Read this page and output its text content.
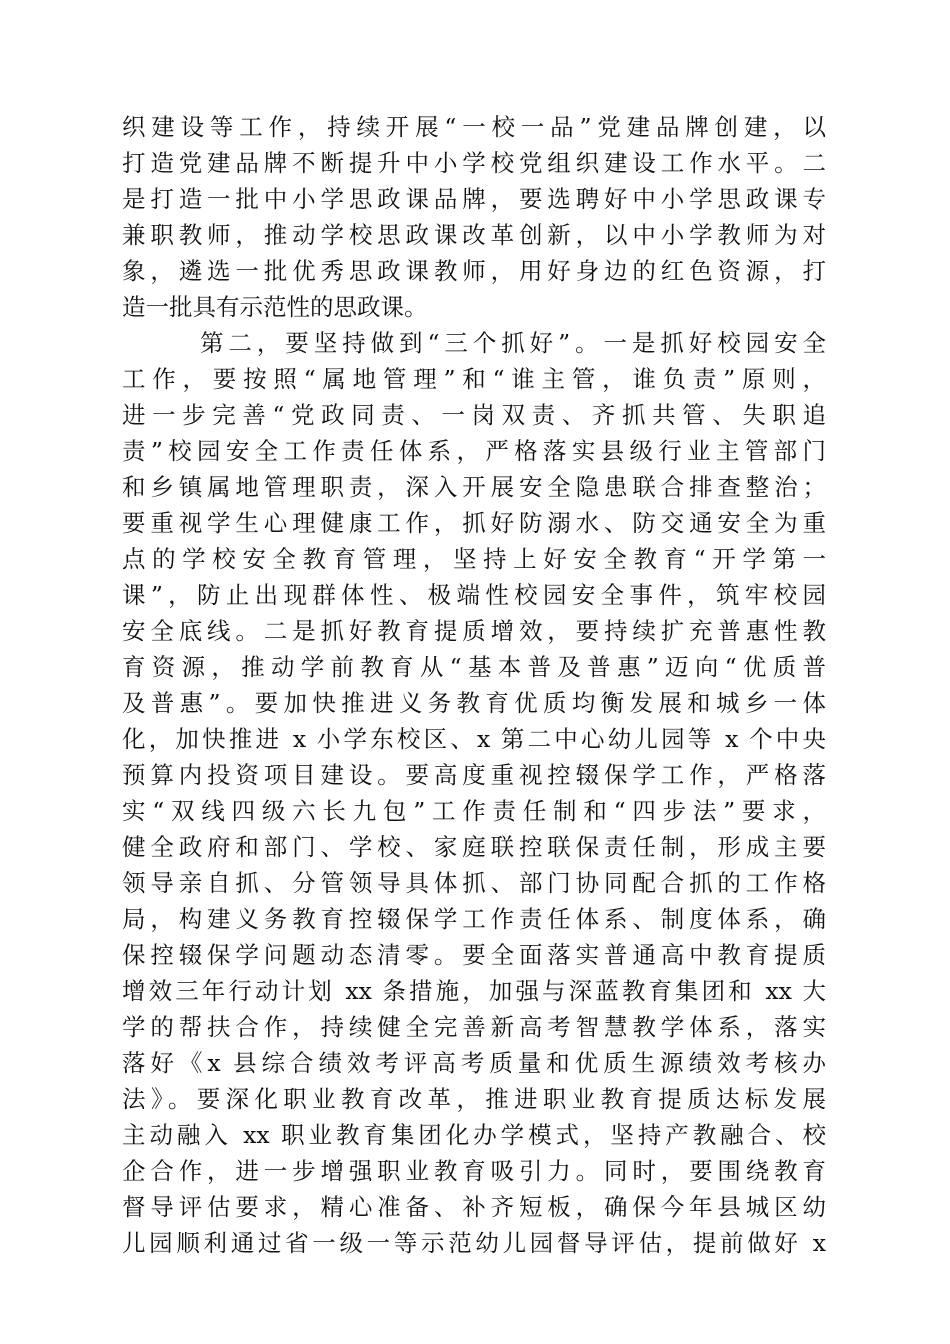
织建设等工作，持续开展“一校一品”党建品牌创建，以
打造党建品牌不断提升中小学校党组织建设工作水平。二
是打造一批中小学思政课品牌，要选聘好中小学思政课专
兼职教师，推动学校思政课改革创新，以中小学教师为对
象，遴选一批优秀思政课教师，用好身边的红色资源，打
造一批具有示范性的思政课。
第二，要坚持做到“三个抓好”。一是抓好校园安全
工作，要按照“属地管理”和“谁主管，谁负责”原则，
进一步完善“党政同责、一岗双责、齐抓共管、失职追
责”校园安全工作责任体系，严格落实县级行业主管部门
和乡镇属地管理职责，深入开展安全隐患联合排查整治；
要重视学生心理健康工作，抓好防溺水、防交通安全为重
点的学校安全教育管理，坚持上好安全教育“开学第一
课”，防止出现群体性、极端性校园安全事件，筑牢校园
安全底线。二是抓好教育提质增效，要持续扩充普惠性教
育资源，推动学前教育从“基本普及普惠”迈向“优质普
及普惠”。要加快推进义务教育优质均衡发展和城乡一体
化，加快推进 x 小学东校区、x 第二中心幼儿园等 x 个中央
预算内投资项目建设。要高度重视控辍保学工作，严格落
实“双线四级六长九包”工作责任制和“四步法”要求，
健全政府和部门、学校、家庭联控联保责任制，形成主要
领导亲自抓、分管领导具体抓、部门协同配合抓的工作格
局，构建义务教育控辍保学工作责任体系、制度体系，确
保控辍保学问题动态清零。要全面落实普通高中教育提质
增效三年行动计划 xx 条措施，加强与深蓝教育集团和 xx 大
学的帮扶合作，持续健全完善新高考智慧教学体系，落实
落好《x 县综合绩效考评高考质量和优质生源绩效考核办
法》。要深化职业教育改革，推进职业教育提质达标发展
主动融入 xx 职业教育集团化办学模式，坚持产教融合、校
企合作，进一步增强职业教育吸引力。同时，要围绕教育
督导评估要求，精心准备、补齐短板，确保今年县城区幼
儿园顺利通过省一级一等示范幼儿园督导评估，提前做好 x
